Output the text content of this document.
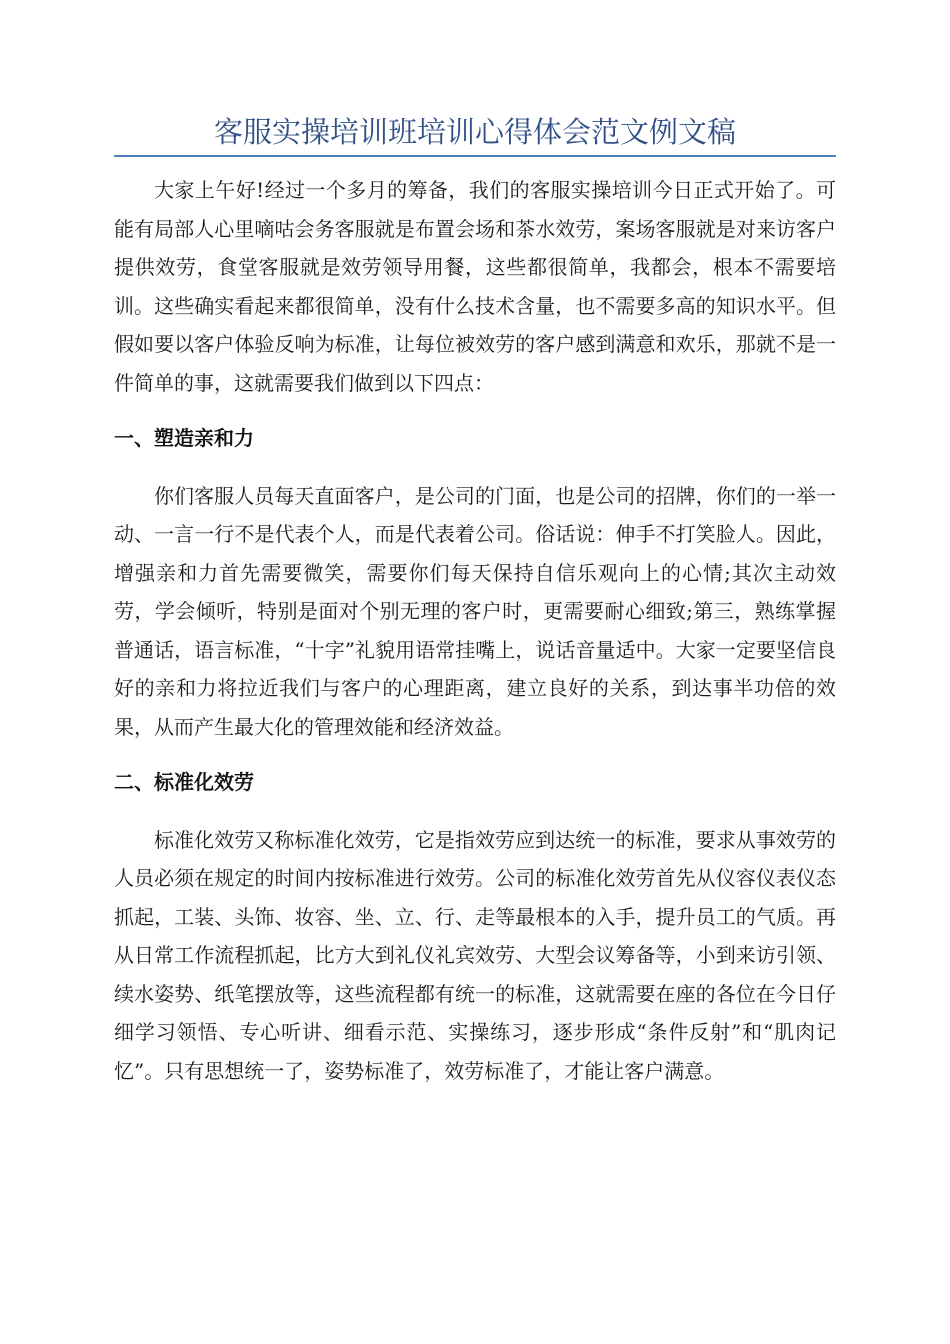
客服实操培训班培训心得体会范文例文稿

大家上午好!经过一个多月的筹备，我们的客服实操培训今日正式开始了。可能有局部人心里嘀咕会务客服就是布置会场和茶水效劳，案场客服就是对来访客户提供效劳，食堂客服就是效劳领导用餐，这些都很简单，我都会，根本不需要培训。这些确实看起来都很简单，没有什么技术含量，也不需要多高的知识水平。但假如要以客户体验反响为标准，让每位被效劳的客户感到满意和欢乐，那就不是一件简单的事，这就需要我们做到以下四点：

一、塑造亲和力

你们客服人员每天直面客户，是公司的门面，也是公司的招牌，你们的一举一动、一言一行不是代表个人，而是代表着公司。俗话说：伸手不打笑脸人。因此，增强亲和力首先需要微笑，需要你们每天保持自信乐观向上的心情;其次主动效劳，学会倾听，特别是面对个别无理的客户时，更需要耐心细致;第三，熟练掌握普通话，语言标准，“十字”礼貌用语常挂嘴上，说话音量适中。大家一定要坚信良好的亲和力将拉近我们与客户的心理距离，建立良好的关系，到达事半功倍的效果，从而产生最大化的管理效能和经济效益。

二、标准化效劳

标准化效劳又称标准化效劳，它是指效劳应到达统一的标准，要求从事效劳的人员必须在规定的时间内按标准进行效劳。公司的标准化效劳首先从仪容仪表仪态抓起，工装、头饰、妆容、坐、立、行、走等最根本的入手，提升员工的气质。再从日常工作流程抓起，比方大到礼仪礼宾效劳、大型会议筹备等，小到来访引领、续水姿势、纸笔摆放等，这些流程都有统一的标准，这就需要在座的各位在今日仔细学习领悟、专心听讲、细看示范、实操练习，逐步形成“条件反射”和“肌肉记忆”。只有思想统一了，姿势标准了，效劳标准了，才能让客户满意。
